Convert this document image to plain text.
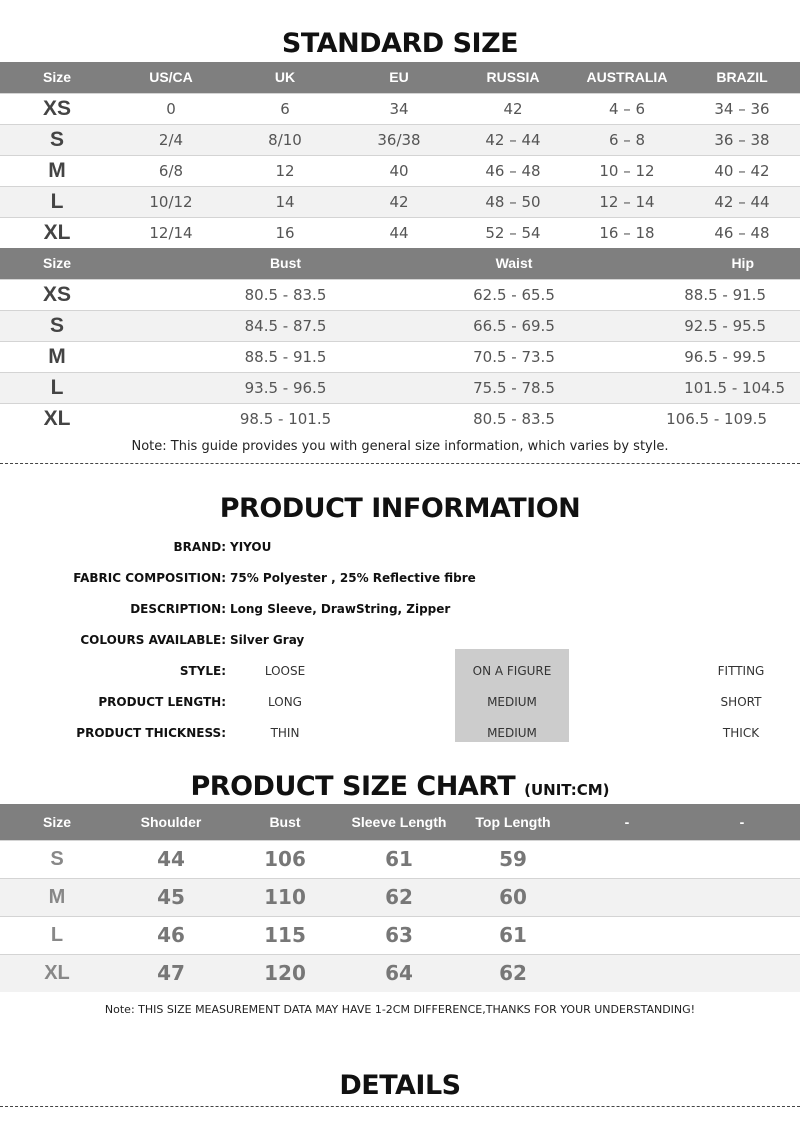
STANDARD SIZE
Size	US/CA	UK	EU	RUSSIA	AUSTRALIA	BRAZIL
XS	0	6	34	42	4 – 6	34 – 36
S	2/4	8/10	36/38	42 – 44	6 – 8	36 – 38
M	6/8	12	40	46 – 48	10 – 12	40 – 42
L	10/12	14	42	48 – 50	12 – 14	42 – 44
XL	12/14	16	44	52 – 54	16 – 18	46 – 48
Size	Bust	Waist	Hip
XS	80.5 - 83.5	62.5 - 65.5	88.5 - 91.5
S	84.5 - 87.5	66.5 - 69.5	92.5 - 95.5
M	88.5 - 91.5	70.5 - 73.5	96.5 - 99.5
L	93.5 - 96.5	75.5 - 78.5	101.5 - 104.5
XL	98.5 - 101.5	80.5 - 83.5	106.5 - 109.5
Note: This guide provides you with general size information, which varies by style.
PRODUCT INFORMATION
BRAND: YIYOU
FABRIC COMPOSITION: 75% Polyester , 25% Reflective fibre
DESCRIPTION: Long Sleeve, DrawString, Zipper
COLOURS AVAILABLE: Silver Gray
STYLE:	LOOSE	ON A FIGURE	FITTING
PRODUCT LENGTH:	LONG	MEDIUM	SHORT
PRODUCT THICKNESS:	THIN	MEDIUM	THICK
PRODUCT SIZE CHART (UNIT:CM)
Size	Shoulder	Bust	Sleeve Length	Top Length	-	-
S	44	106	61	59		
M	45	110	62	60		
L	46	115	63	61		
XL	47	120	64	62		
Note: THIS SIZE MEASUREMENT DATA MAY HAVE 1-2CM DIFFERENCE,THANKS FOR YOUR UNDERSTANDING!
DETAILS
